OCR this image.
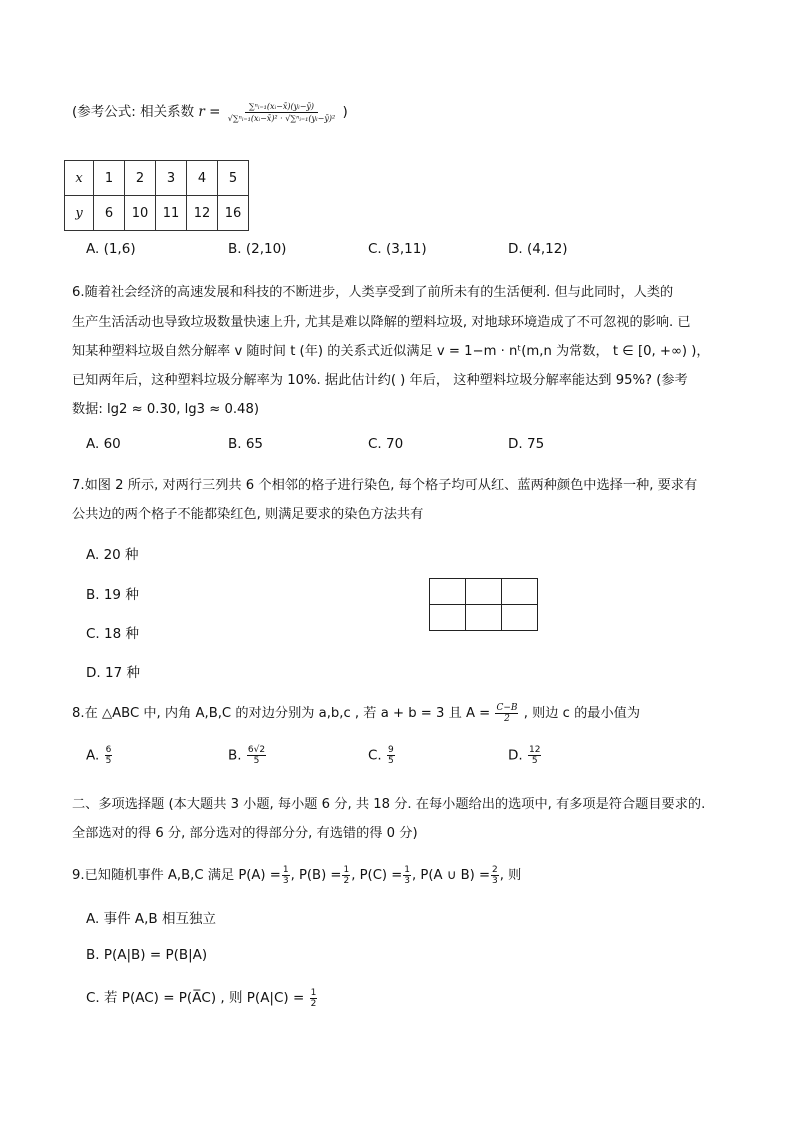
(参考公式: 相关系数 $r = \frac{\text{∑ⁿᵢ₌₁(xᵢ−x̄)(yᵢ−ȳ)}}{\text{√∑ⁿᵢ₌₁(xᵢ−x̄)² · √∑ⁿᵢ₌₁(yᵢ−ȳ)²}}$ )
x	1	2	3	4	5
y	6	10	11	12	16
A. (1,6)	B. (2,10)	C. (3,11)	D. (4,12)
6.随着社会经济的高速发展和科技的不断进步，人类享受到了前所未有的生活便利. 但与此同时，人类的
生产生活活动也导致垃圾数量快速上升, 尤其是难以降解的塑料垃圾, 对地球环境造成了不可忽视的影响. 已
知某种塑料垃圾自然分解率 v 随时间 t (年) 的关系式近似满足 v = 1−m · nᵗ(m,n 为常数， t ∈ [0, +∞) )，
已知两年后，这种塑料垃圾分解率为 10%. 据此估计约( ) 年后， 这种塑料垃圾分解率能达到 95%? (参考
数据: lg2 ≈ 0.30, lg3 ≈ 0.48)
A. 60	B. 65	C. 70	D. 75
7.如图 2 所示, 对两行三列共 6 个相邻的格子进行染色, 每个格子均可从红、蓝两种颜色中选择一种, 要求有
公共边的两个格子不能都染红色, 则满足要求的染色方法共有
A. 20 种
B. 19 种
C. 18 种
D. 17 种

8.在 △ABC 中, 内角 A,B,C 的对边分别为 a,b,c , 若 a + b = 3 且 $A = \frac{C-B}{2}$ , 则边 c 的最小值为
A. $\frac{6}{5}$	B. $\frac{6√2}{5}$	C. $\frac{9}{5}$	D. $\frac{12}{5}$
二、多项选择题 (本大题共 3 小题, 每小题 6 分, 共 18 分. 在每小题给出的选项中, 有多项是符合题目要求的.
全部选对的得 6 分, 部分选对的得部分分, 有选错的得 0 分)
9.已知随机事件 A,B,C 满足 $P(A) = \frac{1}{3}$ , $P(B) = \frac{1}{2}$ , $P(C) = \frac{1}{3}$ , P(A ∪ $B) = \frac{2}{3}$ , 则
A. 事件 A,B 相互独立
B. P(A|B) = P(B|A)
C. 若 P(AC) = P(A̅C) , 则 $P(A|C) = \frac{1}{2}$
